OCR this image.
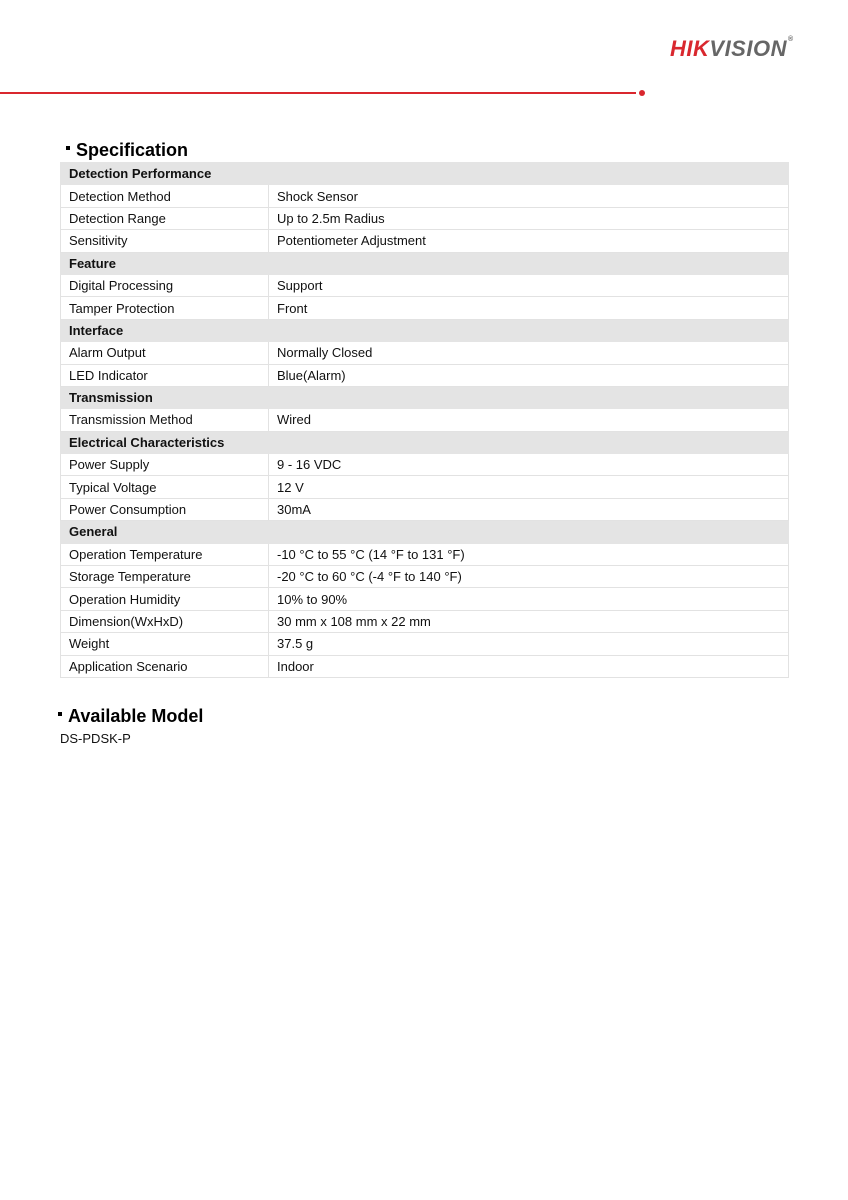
HIKVISION®
Specification
Detection Performance	
Detection Method	Shock Sensor
Detection Range	Up to 2.5m Radius
Sensitivity	Potentiometer Adjustment
Feature	
Digital Processing	Support
Tamper Protection	Front
Interface	
Alarm Output	Normally Closed
LED Indicator	Blue(Alarm)
Transmission	
Transmission Method	Wired
Electrical Characteristics	
Power Supply	9 - 16 VDC
Typical Voltage	12 V
Power Consumption	30mA
General	
Operation Temperature	-10 °C to 55 °C (14 °F to 131 °F)
Storage Temperature	-20 °C to 60 °C (-4 °F to 140 °F)
Operation Humidity	10% to 90%
Dimension(WxHxD)	30 mm x 108 mm x 22 mm
Weight	37.5 g
Application Scenario	Indoor
Available Model
DS-PDSK-P
